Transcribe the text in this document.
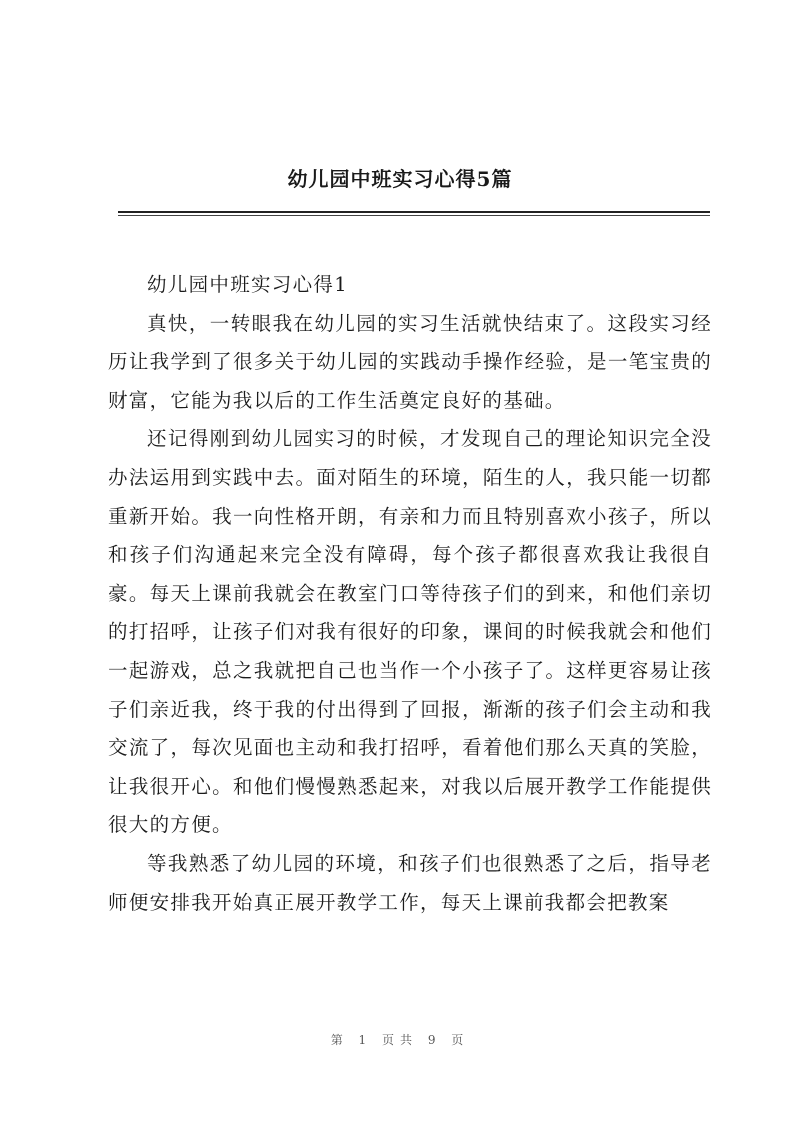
幼儿园中班实习心得5篇

幼儿园中班实习心得1

真快，一转眼我在幼儿园的实习生活就快结束了。这段实习经历让我学到了很多关于幼儿园的实践动手操作经验，是一笔宝贵的财富，它能为我以后的工作生活奠定良好的基础。

还记得刚到幼儿园实习的时候，才发现自己的理论知识完全没办法运用到实践中去。面对陌生的环境，陌生的人，我只能一切都重新开始。我一向性格开朗，有亲和力而且特别喜欢小孩子，所以和孩子们沟通起来完全没有障碍，每个孩子都很喜欢我让我很自豪。每天上课前我就会在教室门口等待孩子们的到来，和他们亲切的打招呼，让孩子们对我有很好的印象，课间的时候我就会和他们一起游戏，总之我就把自己也当作一个小孩子了。这样更容易让孩子们亲近我，终于我的付出得到了回报，渐渐的孩子们会主动和我交流了，每次见面也主动和我打招呼，看着他们那么天真的笑脸，让我很开心。和他们慢慢熟悉起来，对我以后展开教学工作能提供很大的方便。

等我熟悉了幼儿园的环境，和孩子们也很熟悉了之后，指导老师便安排我开始真正展开教学工作，每天上课前我都会把教案

第 1 页共 9 页
